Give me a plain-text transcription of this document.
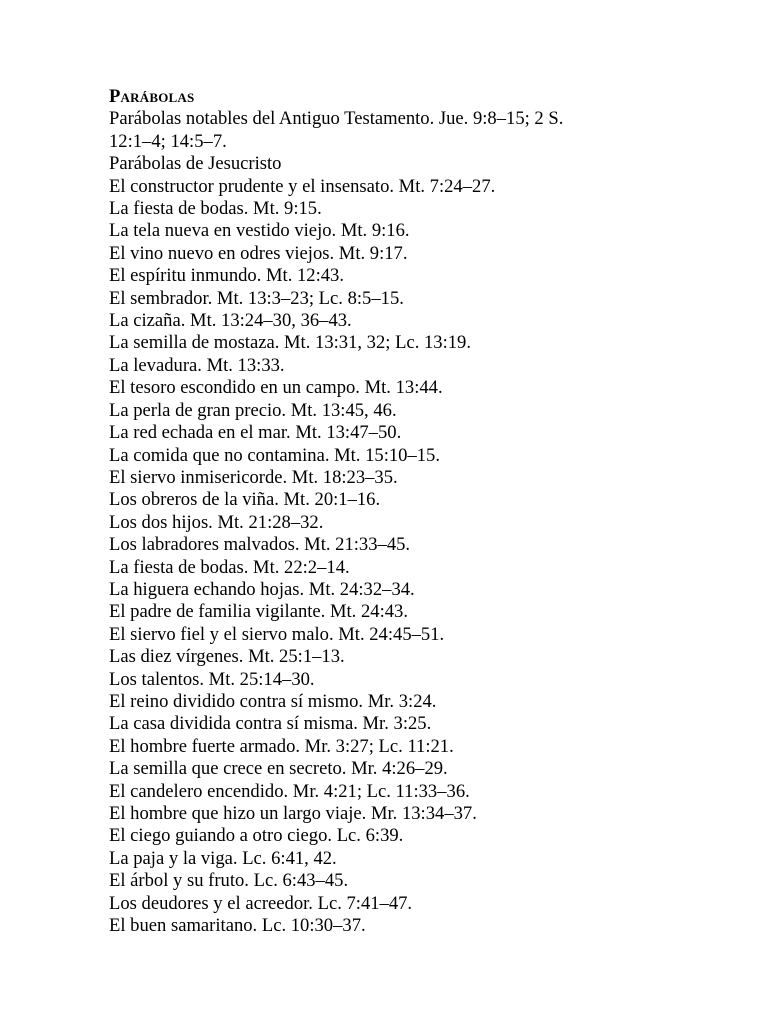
Parábolas
Parábolas notables del Antiguo Testamento. Jue. 9:8–15; 2 S.
12:1–4; 14:5–7.
Parábolas de Jesucristo
El constructor prudente y el insensato. Mt. 7:24–27.
La fiesta de bodas. Mt. 9:15.
La tela nueva en vestido viejo. Mt. 9:16.
El vino nuevo en odres viejos. Mt. 9:17.
El espíritu inmundo. Mt. 12:43.
El sembrador. Mt. 13:3–23; Lc. 8:5–15.
La cizaña. Mt. 13:24–30, 36–43.
La semilla de mostaza. Mt. 13:31, 32; Lc. 13:19.
La levadura. Mt. 13:33.
El tesoro escondido en un campo. Mt. 13:44.
La perla de gran precio. Mt. 13:45, 46.
La red echada en el mar. Mt. 13:47–50.
La comida que no contamina. Mt. 15:10–15.
El siervo inmisericorde. Mt. 18:23–35.
Los obreros de la viña. Mt. 20:1–16.
Los dos hijos. Mt. 21:28–32.
Los labradores malvados. Mt. 21:33–45.
La fiesta de bodas. Mt. 22:2–14.
La higuera echando hojas. Mt. 24:32–34.
El padre de familia vigilante. Mt. 24:43.
El siervo fiel y el siervo malo. Mt. 24:45–51.
Las diez vírgenes. Mt. 25:1–13.
Los talentos. Mt. 25:14–30.
El reino dividido contra sí mismo. Mr. 3:24.
La casa dividida contra sí misma. Mr. 3:25.
El hombre fuerte armado. Mr. 3:27; Lc. 11:21.
La semilla que crece en secreto. Mr. 4:26–29.
El candelero encendido. Mr. 4:21; Lc. 11:33–36.
El hombre que hizo un largo viaje. Mr. 13:34–37.
El ciego guiando a otro ciego. Lc. 6:39.
La paja y la viga. Lc. 6:41, 42.
El árbol y su fruto. Lc. 6:43–45.
Los deudores y el acreedor. Lc. 7:41–47.
El buen samaritano. Lc. 10:30–37.
